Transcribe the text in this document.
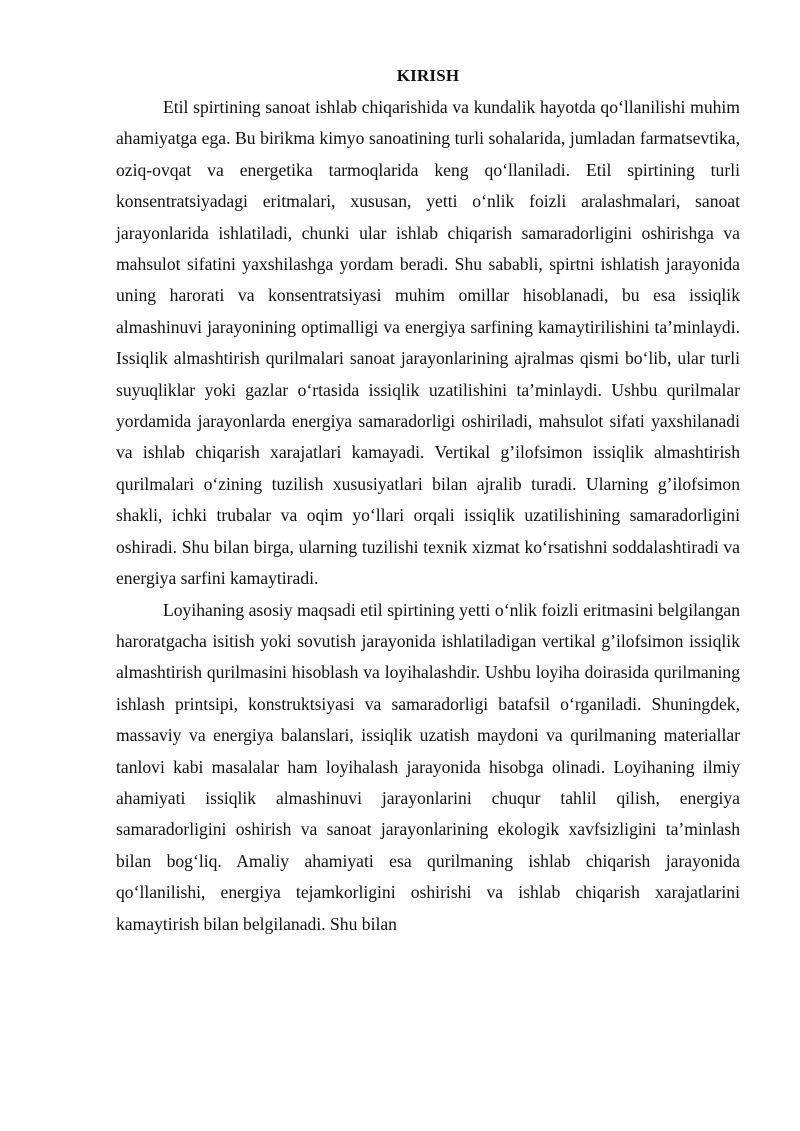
KIRISH

Etil spirtining sanoat ishlab chiqarishida va kundalik hayotda qo‘llanilishi muhim ahamiyatga ega. Bu birikma kimyo sanoatining turli sohalarida, jumladan farmatsevtika, oziq-ovqat va energetika tarmoqlarida keng qo‘llaniladi. Etil spirtining turli konsentratsiyadagi eritmalari, xususan, yetti o‘nlik foizli aralashmalari, sanoat jarayonlarida ishlatiladi, chunki ular ishlab chiqarish samaradorligini oshirishga va mahsulot sifatini yaxshilashga yordam beradi. Shu sababli, spirtni ishlatish jarayonida uning harorati va konsentratsiyasi muhim omillar hisoblanadi, bu esa issiqlik almashinuvi jarayonining optimalligi va energiya sarfining kamaytirilishini ta’minlaydi. Issiqlik almashtirish qurilmalari sanoat jarayonlarining ajralmas qismi bo‘lib, ular turli suyuqliklar yoki gazlar o‘rtasida issiqlik uzatilishini ta’minlaydi. Ushbu qurilmalar yordamida jarayonlarda energiya samaradorligi oshiriladi, mahsulot sifati yaxshilanadi va ishlab chiqarish xarajatlari kamayadi. Vertikal g’ilofsimon issiqlik almashtirish qurilmalari o‘zining tuzilish xususiyatlari bilan ajralib turadi. Ularning g’ilofsimon shakli, ichki trubalar va oqim yo‘llari orqali issiqlik uzatilishining samaradorligini oshiradi. Shu bilan birga, ularning tuzilishi texnik xizmat ko‘rsatishni soddalashtiradi va energiya sarfini kamaytiradi.

Loyihaning asosiy maqsadi etil spirtining yetti o‘nlik foizli eritmasini belgilangan haroratgacha isitish yoki sovutish jarayonida ishlatiladigan vertikal g’ilofsimon issiqlik almashtirish qurilmasini hisoblash va loyihalashdir. Ushbu loyiha doirasida qurilmaning ishlash printsipi, konstruktsiyasi va samaradorligi batafsil o‘rganiladi. Shuningdek, massaviy va energiya balanslari, issiqlik uzatish maydoni va qurilmaning materiallar tanlovi kabi masalalar ham loyihalash jarayonida hisobga olinadi. Loyihaning ilmiy ahamiyati issiqlik almashinuvi jarayonlarini chuqur tahlil qilish, energiya samaradorligini oshirish va sanoat jarayonlarining ekologik xavfsizligini ta’minlash bilan bog‘liq. Amaliy ahamiyati esa qurilmaning ishlab chiqarish jarayonida qo‘llanilishi, energiya tejamkorligini oshirishi va ishlab chiqarish xarajatlarini kamaytirish bilan belgilanadi. Shu bilan
